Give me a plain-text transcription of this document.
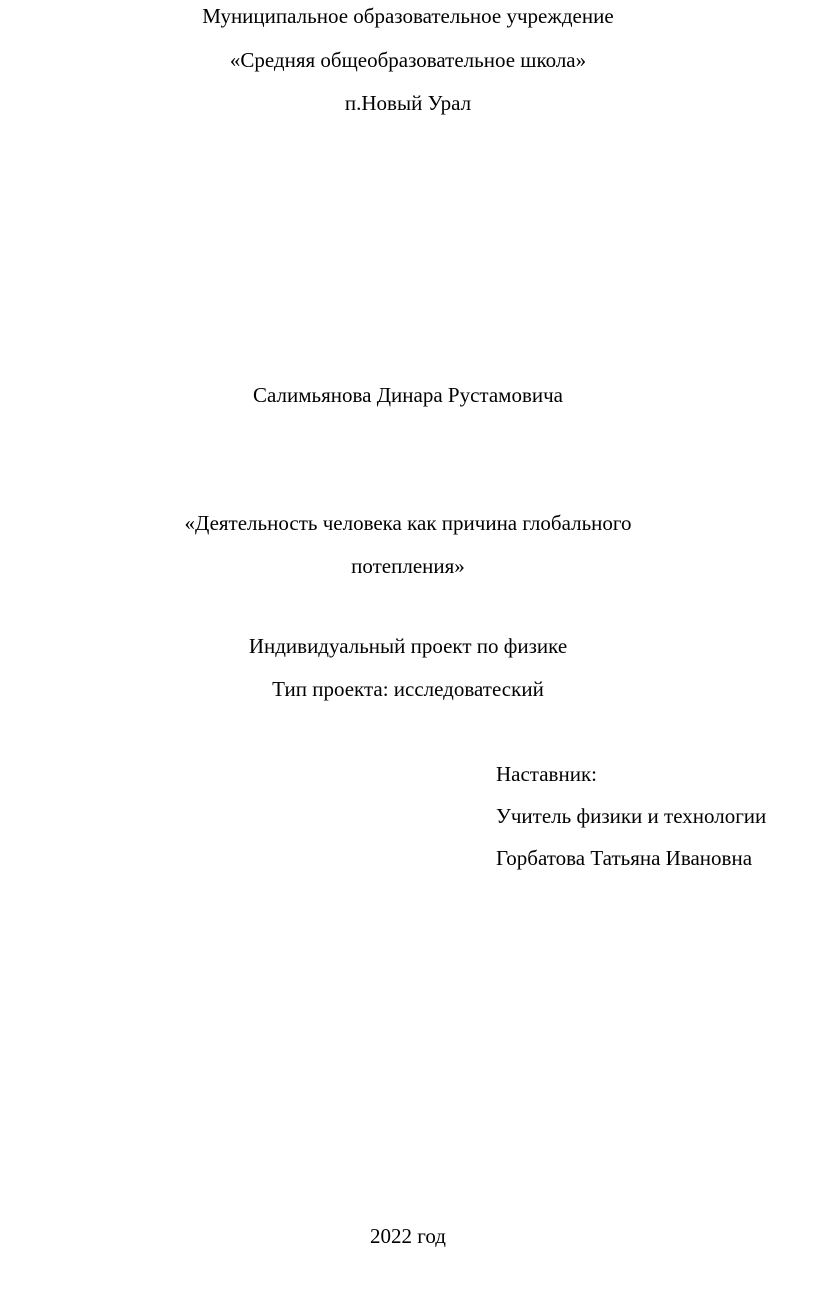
Муниципальное образовательное учреждение
«Средняя общеобразовательное школа»
п.Новый Урал
Салимьянова Динара Рустамовича
«Деятельность человека как причина глобального
потепления»
Индивидуальный проект по физике
Тип проекта: исследоватеский
Наставник:
Учитель физики и технологии
Горбатова Татьяна Ивановна
2022 год
